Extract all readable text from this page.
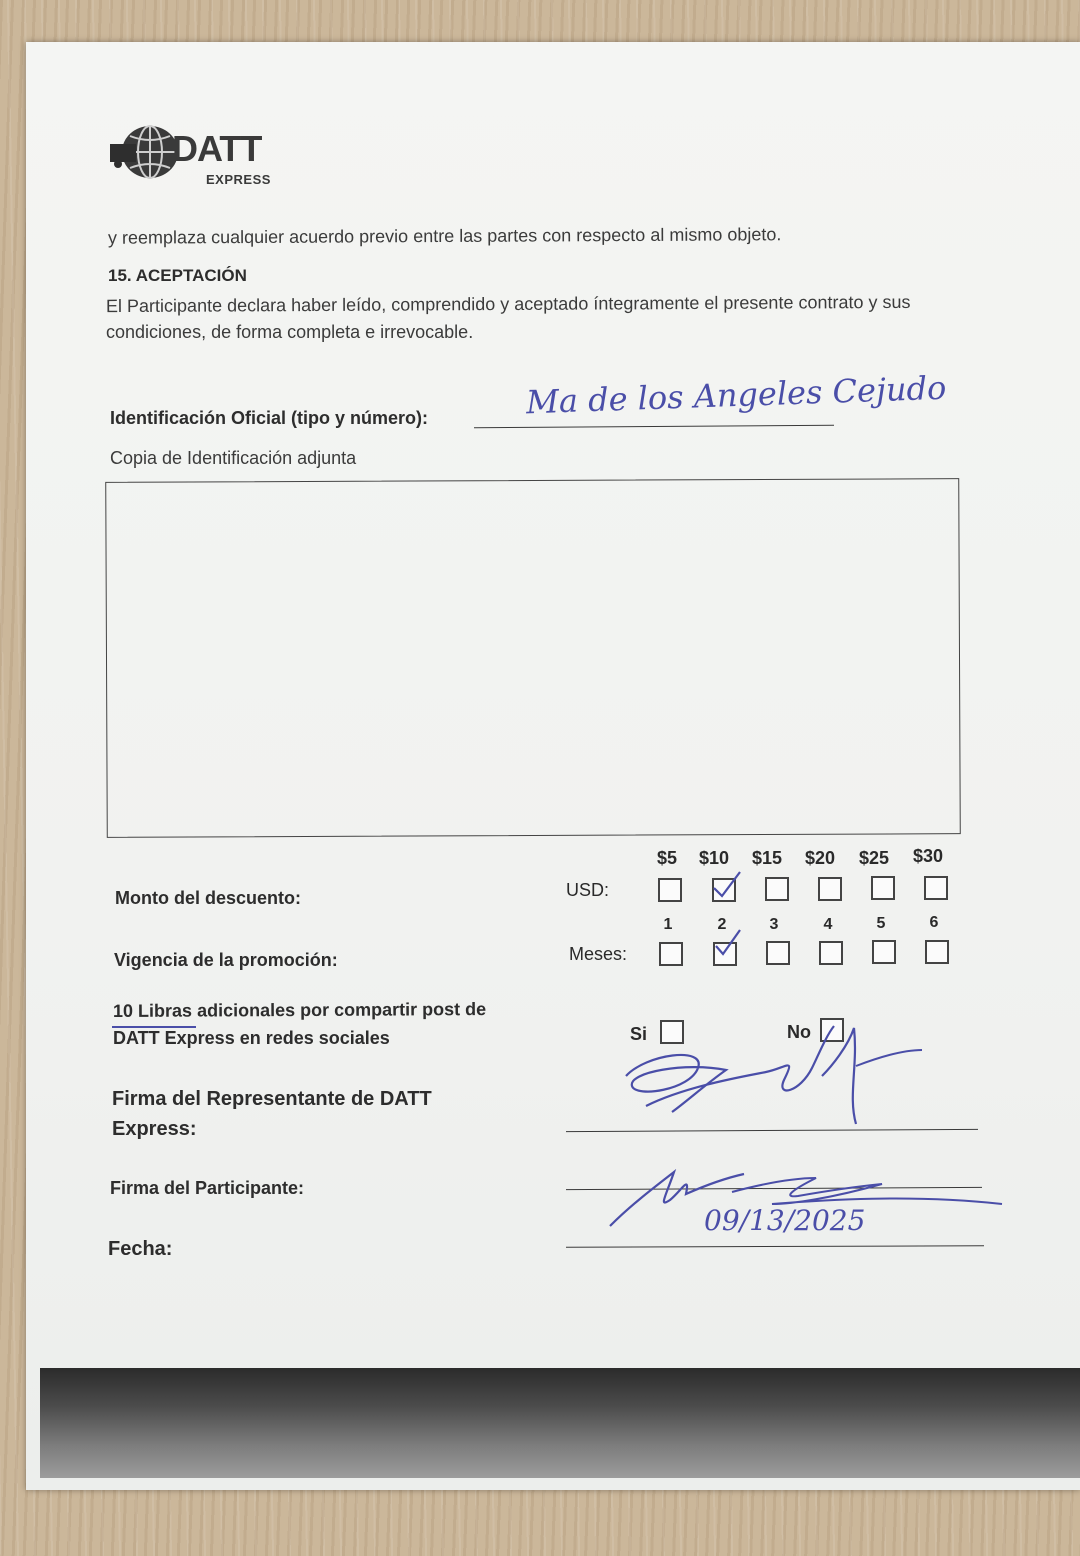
DATT
EXPRESS
y reemplaza cualquier acuerdo previo entre las partes con respecto al mismo objeto.
15. ACEPTACIÓN
El Participante declara haber leído, comprendido y aceptado íntegramente el presente contrato y sus
condiciones, de forma completa e irrevocable.
Identificación Oficial (tipo y número):	Ma de los Angeles Cejudo
Copia de Identificación adjunta
Monto del descuento:	USD:
$5	$10	$15	$20	$25	$30
1	2	3	4	5	6
Vigencia de la promoción:	Meses:
10 Libras adicionales por compartir post de
DATT Express en redes sociales	Si	No
Firma del Representante de DATT
Express:
Firma del Participante:
Fecha:
09/13/2025
